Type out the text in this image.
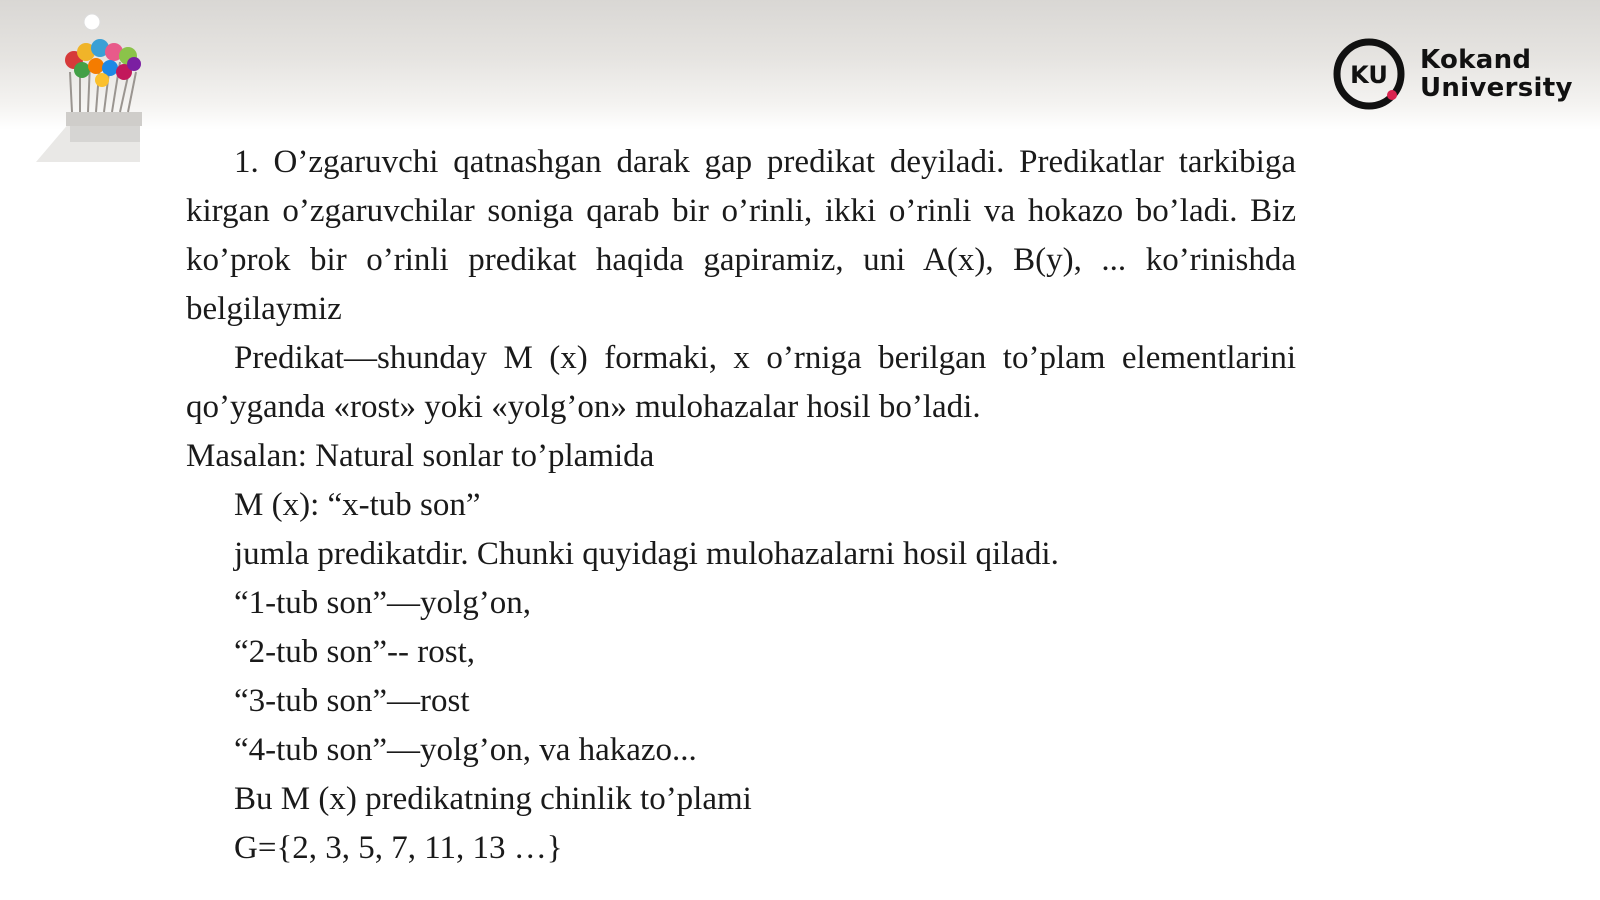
KU Kokand
University

1. O’zgaruvchi qatnashgan darak gap predikat deyiladi. Predikatlar tarkibiga kirgan o’zgaruvchilar soniga qarab bir o’rinli, ikki o’rinli va hokazo bo’ladi. Biz ko’prok bir o’rinli predikat haqida gapiramiz, uni A(x), B(y), ... ko’rinishda belgilaymiz

Predikat—shunday M (x) formaki, x o’rniga berilgan to’plam elementlarini qo’yganda «rost» yoki «yolg’on» mulohazalar hosil bo’ladi.

Masalan: Natural sonlar to’plamida

M (x): “x-tub son”

jumla predikatdir. Chunki quyidagi mulohazalarni hosil qiladi.

“1-tub son”—yolg’on,

“2-tub son”-- rost,

“3-tub son”—rost

“4-tub son”—yolg’on, va hakazo...

Bu M (x) predikatning chinlik to’plami

G={2, 3, 5, 7, 11, 13 …}
